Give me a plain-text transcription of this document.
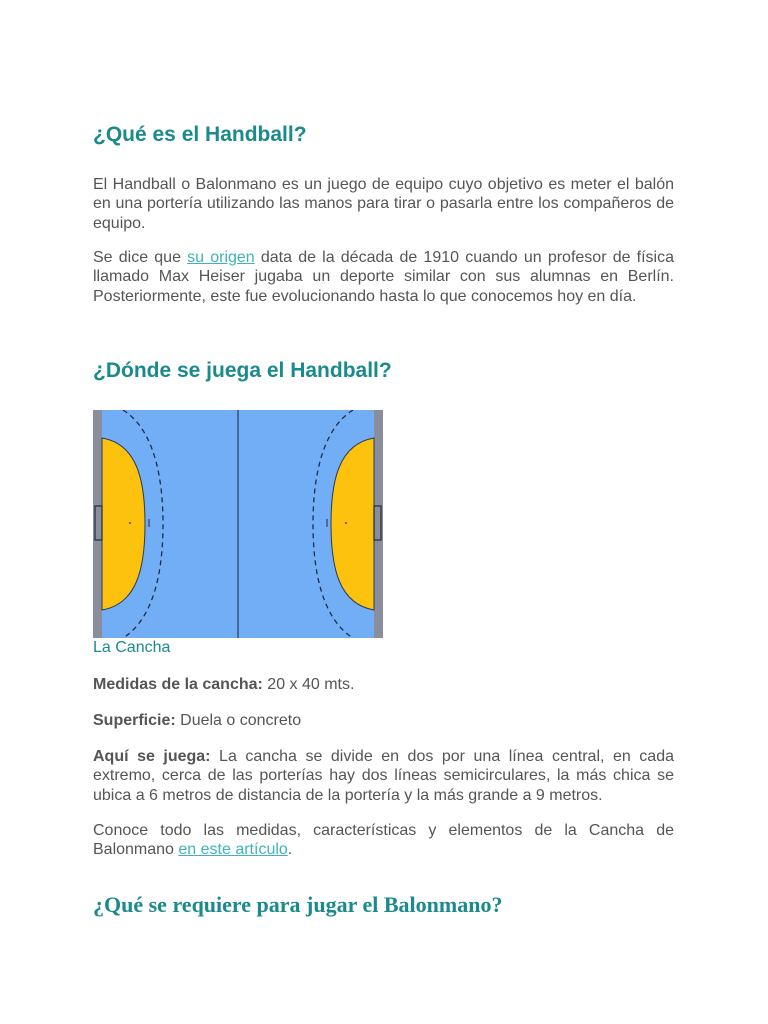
¿Qué es el Handball?

El Handball o Balonmano es un juego de equipo cuyo objetivo es meter el balón en una portería utilizando las manos para tirar o pasarla entre los compañeros de equipo.

Se dice que su origen data de la década de 1910 cuando un profesor de física llamado Max Heiser jugaba un deporte similar con sus alumnas en Berlín. Posteriormente, este fue evolucionando hasta lo que conocemos hoy en día.

¿Dónde se juega el Handball?
La Cancha

Medidas de la cancha: 20 x 40 mts.

Superficie: Duela o concreto

Aquí se juega: La cancha se divide en dos por una línea central, en cada extremo, cerca de las porterías hay dos líneas semicirculares, la más chica se ubica a 6 metros de distancia de la portería y la más grande a 9 metros.

Conoce todo las medidas, características y elementos de la Cancha de Balonmano en este artículo.

¿Qué se requiere para jugar el Balonmano?
